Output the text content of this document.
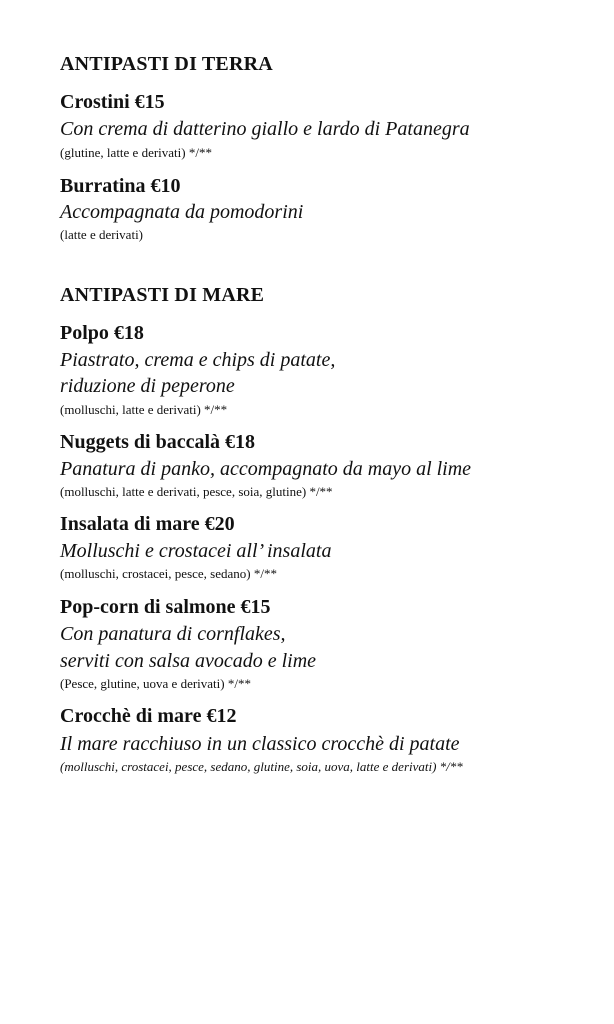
ANTIPASTI DI TERRA
Crostini €15
Con crema di datterino giallo e lardo di Patanegra
(glutine, latte e derivati) */**
Burratina €10
Accompagnata da pomodorini
(latte e derivati)
ANTIPASTI DI MARE
Polpo €18
Piastrato, crema e chips di patate,
riduzione di peperone
(molluschi, latte e derivati) */**
Nuggets di baccalà €18
Panatura di panko, accompagnato da mayo al lime
(molluschi, latte e derivati, pesce, soia, glutine) */**
Insalata di mare €20
Molluschi e crostacei all’ insalata
(molluschi, crostacei, pesce, sedano) */**
Pop-corn di salmone €15
Con panatura di cornflakes,
serviti con salsa avocado e lime
(Pesce, glutine, uova e derivati) */**
Crocchè di mare €12
Il mare racchiuso in un classico crocchè di patate
(molluschi, crostacei, pesce, sedano, glutine, soia, uova, latte e derivati) */**
